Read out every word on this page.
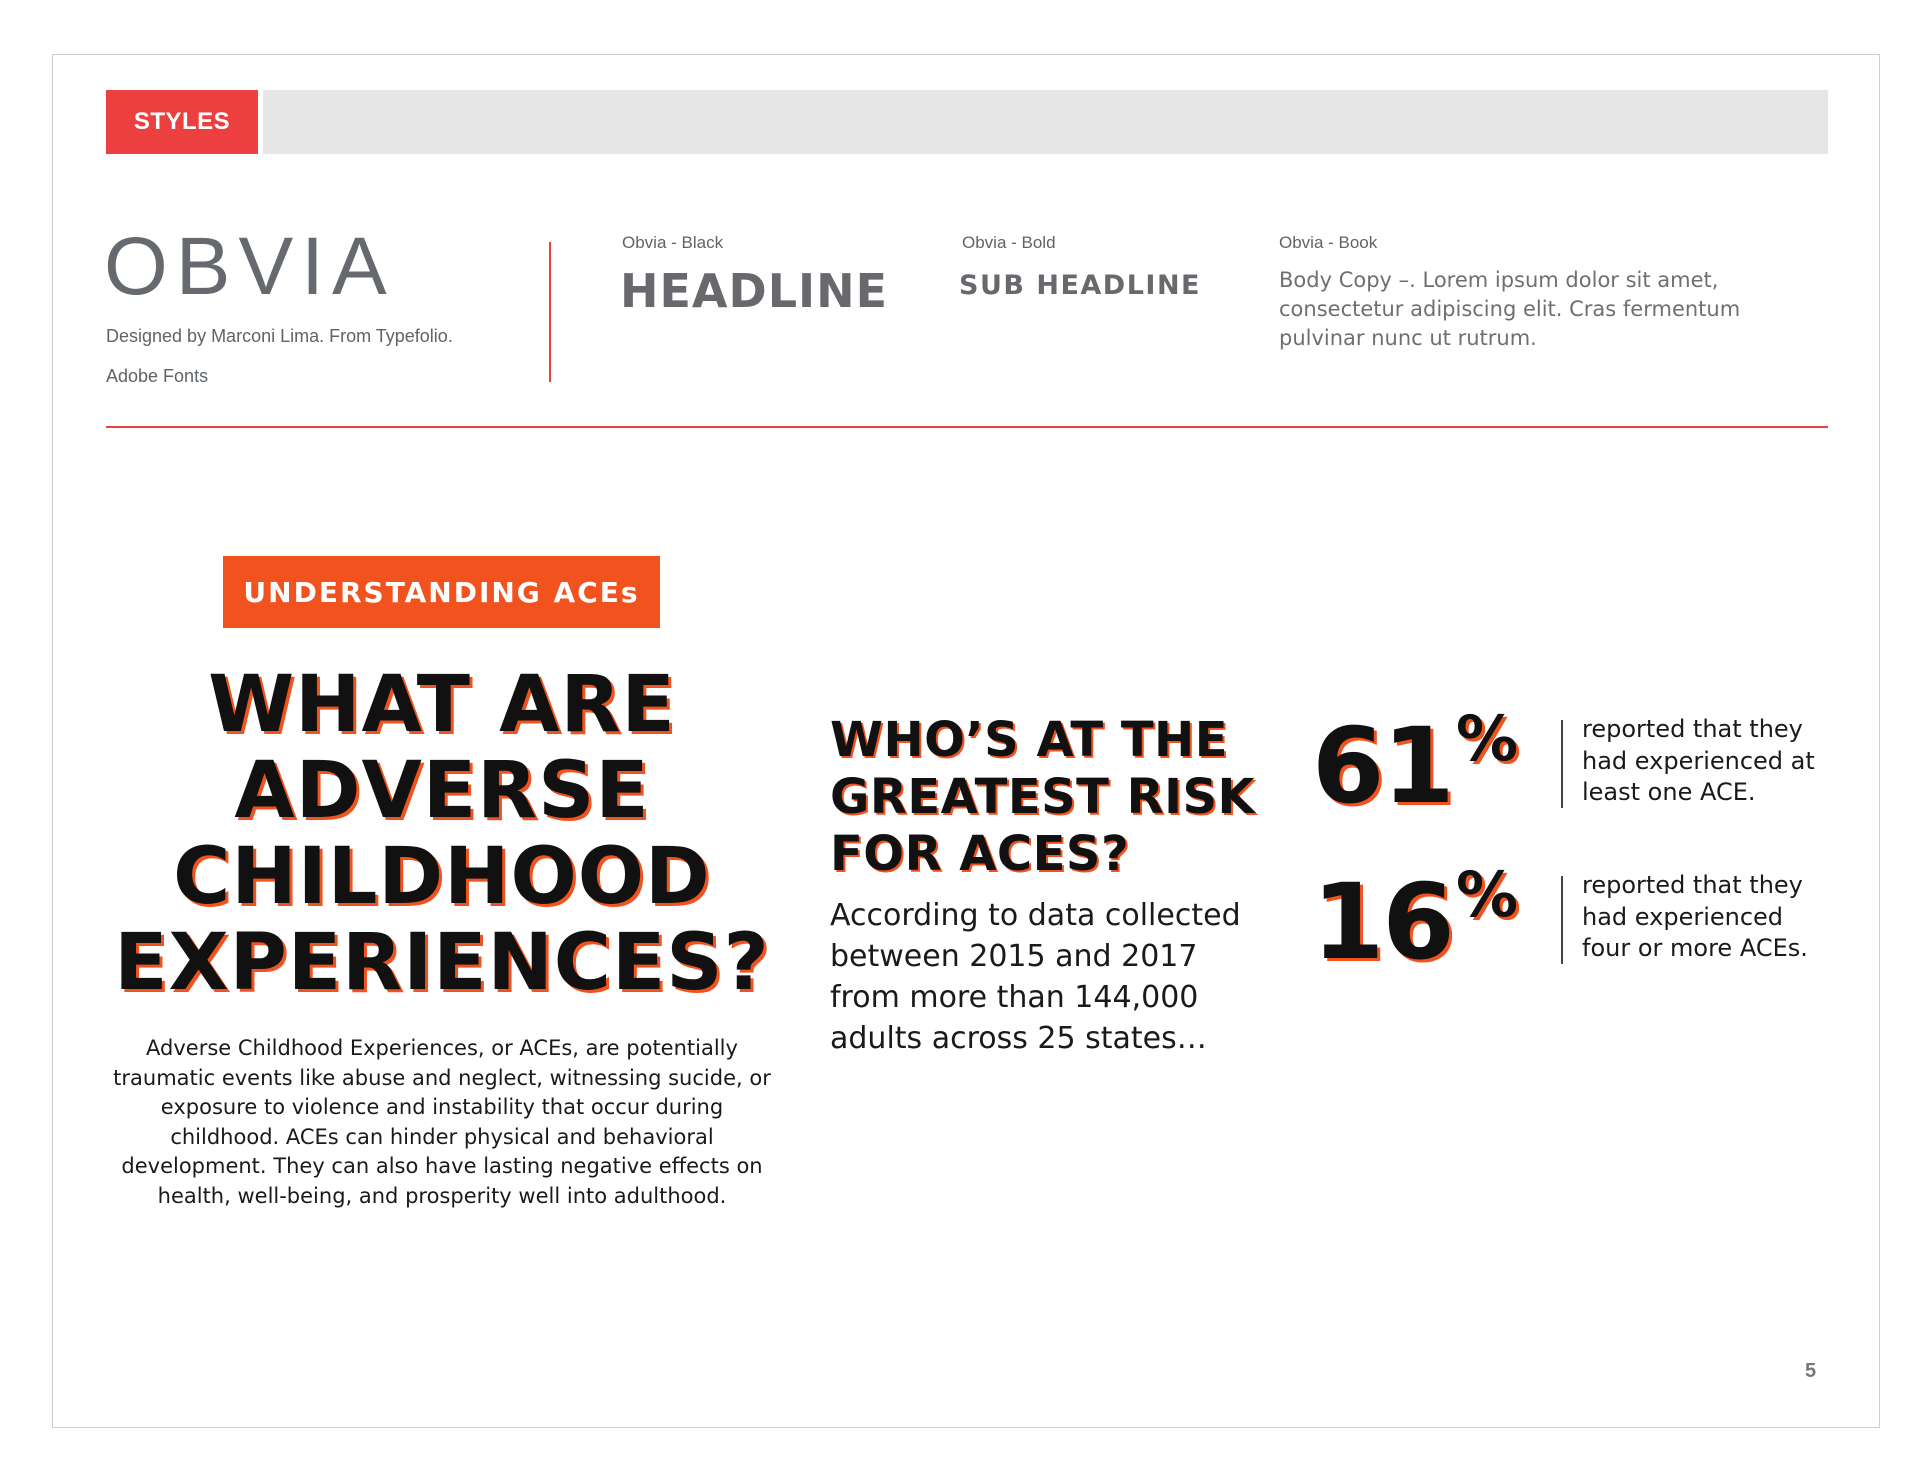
STYLES
OBVIA
Designed by Marconi Lima. From Typefolio.
Adobe Fonts
Obvia - Black
HEADLINE
Obvia - Bold
SUB HEADLINE
Obvia - Book
Body Copy –. Lorem ipsum dolor sit amet, consectetur adipiscing elit. Cras fermentum pulvinar nunc ut rutrum.
UNDERSTANDING ACEs
WHAT ARE
ADVERSE
CHILDHOOD
EXPERIENCES?
Adverse Childhood Experiences, or ACEs, are potentially traumatic events like abuse and neglect, witnessing sucide, or exposure to violence and instability that occur during childhood. ACEs can hinder physical and behavioral development. They can also have lasting negative effects on health, well-being, and prosperity well into adulthood.
WHO’S AT THE
GREATEST RISK
FOR ACES?
According to data collected between 2015 and 2017 from more than 144,000 adults across 25 states…
61 %	reported that they had experienced at least one ACE.
16 %	reported that they had experienced four or more ACEs.
5
